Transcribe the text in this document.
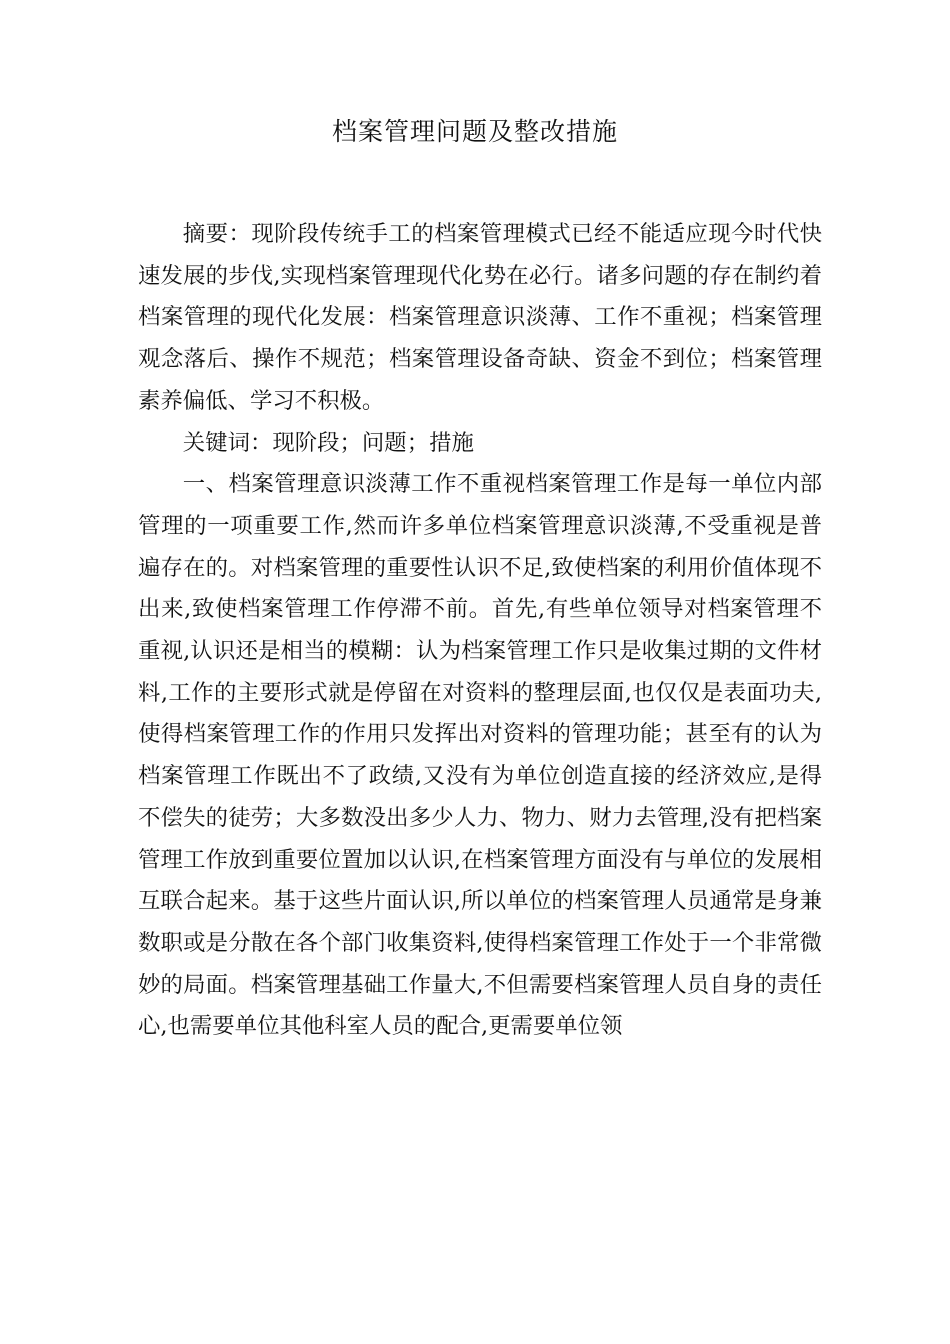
档案管理问题及整改措施

摘要：现阶段传统手工的档案管理模式已经不能适应现今时代快速发展的步伐,实现档案管理现代化势在必行。诸多问题的存在制约着档案管理的现代化发展：档案管理意识淡薄、工作不重视；档案管理观念落后、操作不规范；档案管理设备奇缺、资金不到位；档案管理素养偏低、学习不积极。

关键词：现阶段；问题；措施

一、档案管理意识淡薄工作不重视档案管理工作是每一单位内部管理的一项重要工作,然而许多单位档案管理意识淡薄,不受重视是普遍存在的。对档案管理的重要性认识不足,致使档案的利用价值体现不出来,致使档案管理工作停滞不前。首先,有些单位领导对档案管理不重视,认识还是相当的模糊：认为档案管理工作只是收集过期的文件材料,工作的主要形式就是停留在对资料的整理层面,也仅仅是表面功夫,使得档案管理工作的作用只发挥出对资料的管理功能；甚至有的认为档案管理工作既出不了政绩,又没有为单位创造直接的经济效应,是得不偿失的徒劳；大多数没出多少人力、物力、财力去管理,没有把档案管理工作放到重要位置加以认识,在档案管理方面没有与单位的发展相互联合起来。基于这些片面认识,所以单位的档案管理人员通常是身兼数职或是分散在各个部门收集资料,使得档案管理工作处于一个非常微妙的局面。档案管理基础工作量大,不但需要档案管理人员自身的责任心,也需要单位其他科室人员的配合,更需要单位领
